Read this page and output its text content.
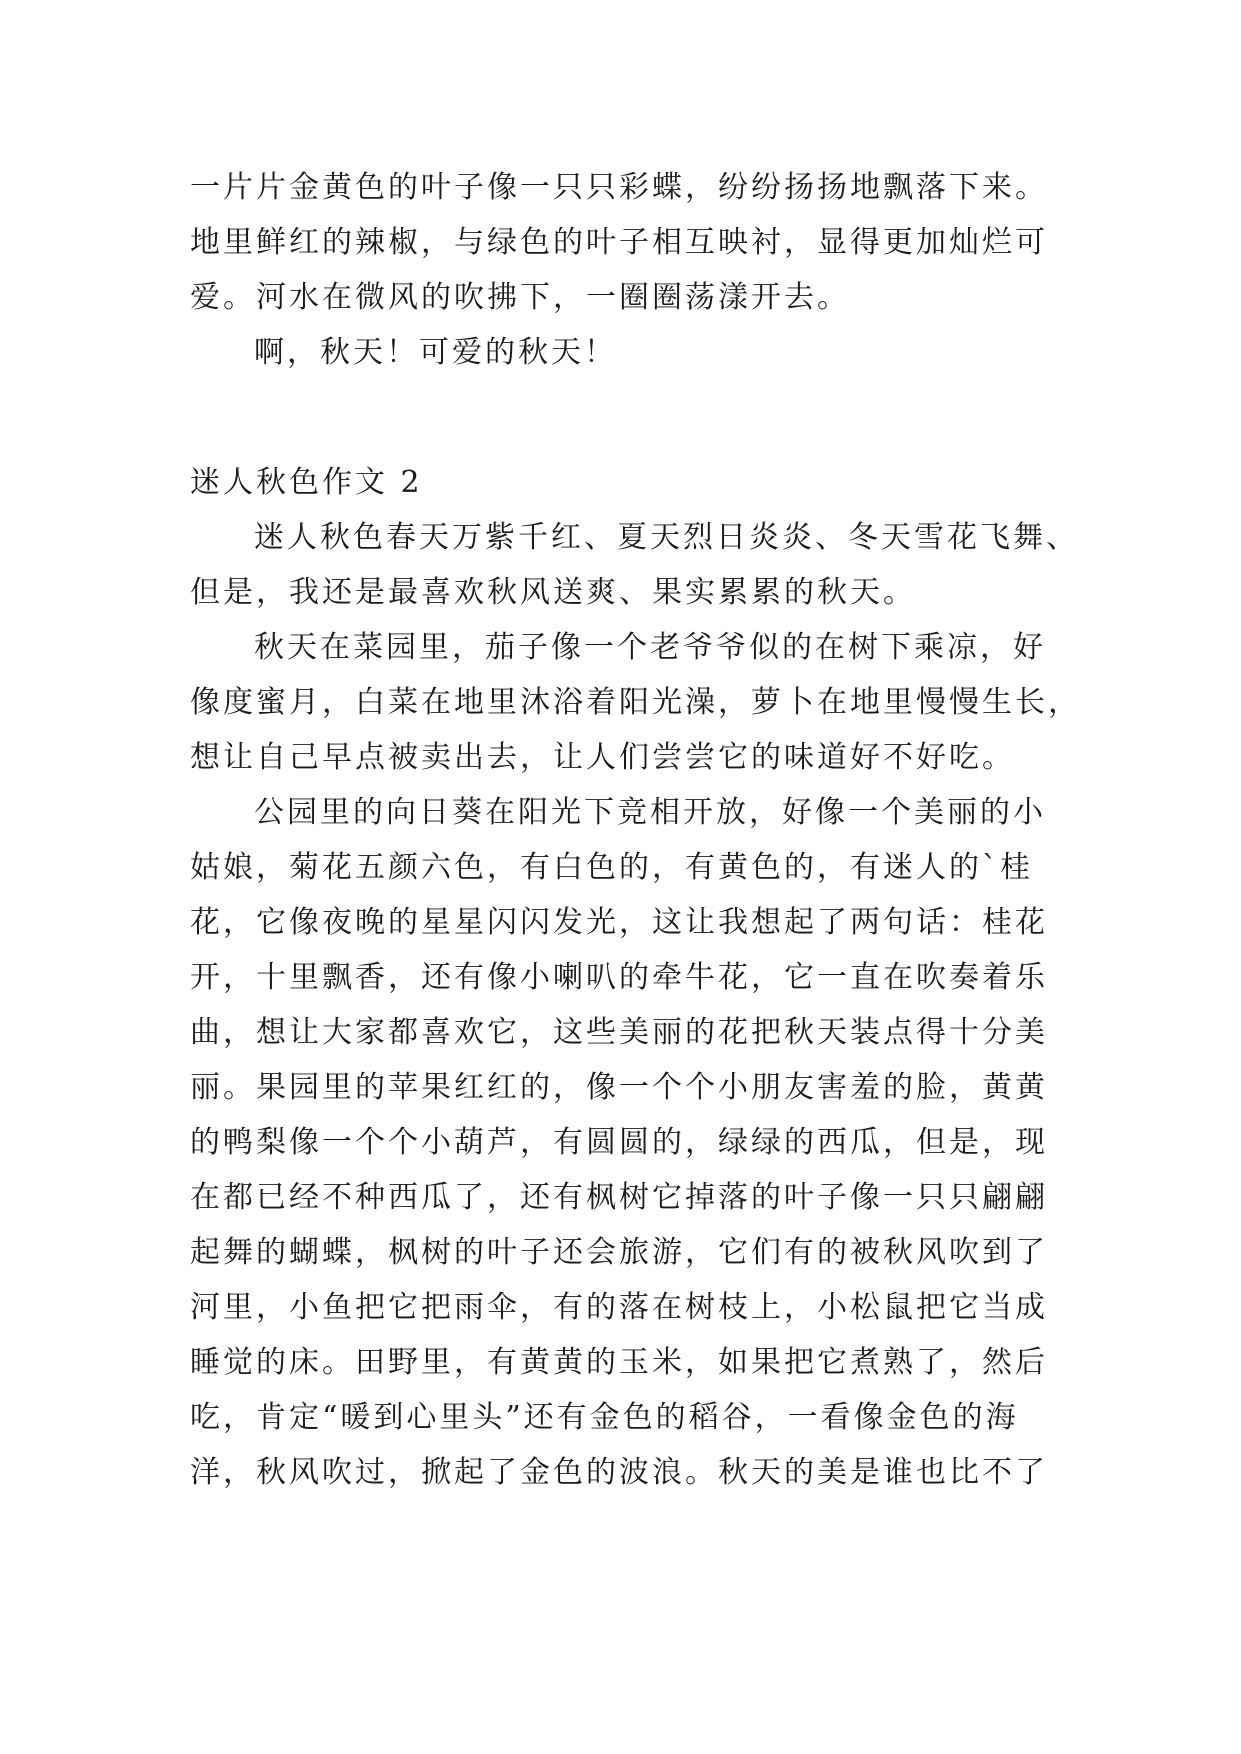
一片片金黄色的叶子像一只只彩蝶，纷纷扬扬地飘落下来。
地里鲜红的辣椒，与绿色的叶子相互映衬，显得更加灿烂可
爱。河水在微风的吹拂下，一圈圈荡漾开去。
啊，秋天！可爱的秋天！
迷人秋色作文 2
迷人秋色春天万紫千红、夏天烈日炎炎、冬天雪花飞舞、
但是，我还是最喜欢秋风送爽、果实累累的秋天。
秋天在菜园里，茄子像一个老爷爷似的在树下乘凉，好
像度蜜月，白菜在地里沐浴着阳光澡，萝卜在地里慢慢生长，
想让自己早点被卖出去，让人们尝尝它的味道好不好吃。
公园里的向日葵在阳光下竞相开放，好像一个美丽的小
姑娘，菊花五颜六色，有白色的，有黄色的，有迷人的`桂
花，它像夜晚的星星闪闪发光，这让我想起了两句话：桂花
开，十里飘香，还有像小喇叭的牵牛花，它一直在吹奏着乐
曲，想让大家都喜欢它，这些美丽的花把秋天装点得十分美
丽。果园里的苹果红红的，像一个个小朋友害羞的脸，黄黄
的鸭梨像一个个小葫芦，有圆圆的，绿绿的西瓜，但是，现
在都已经不种西瓜了，还有枫树它掉落的叶子像一只只翩翩
起舞的蝴蝶，枫树的叶子还会旅游，它们有的被秋风吹到了
河里，小鱼把它把雨伞，有的落在树枝上，小松鼠把它当成
睡觉的床。田野里，有黄黄的玉米，如果把它煮熟了，然后
吃，肯定“暖到心里头”还有金色的稻谷，一看像金色的海
洋，秋风吹过，掀起了金色的波浪。秋天的美是谁也比不了
